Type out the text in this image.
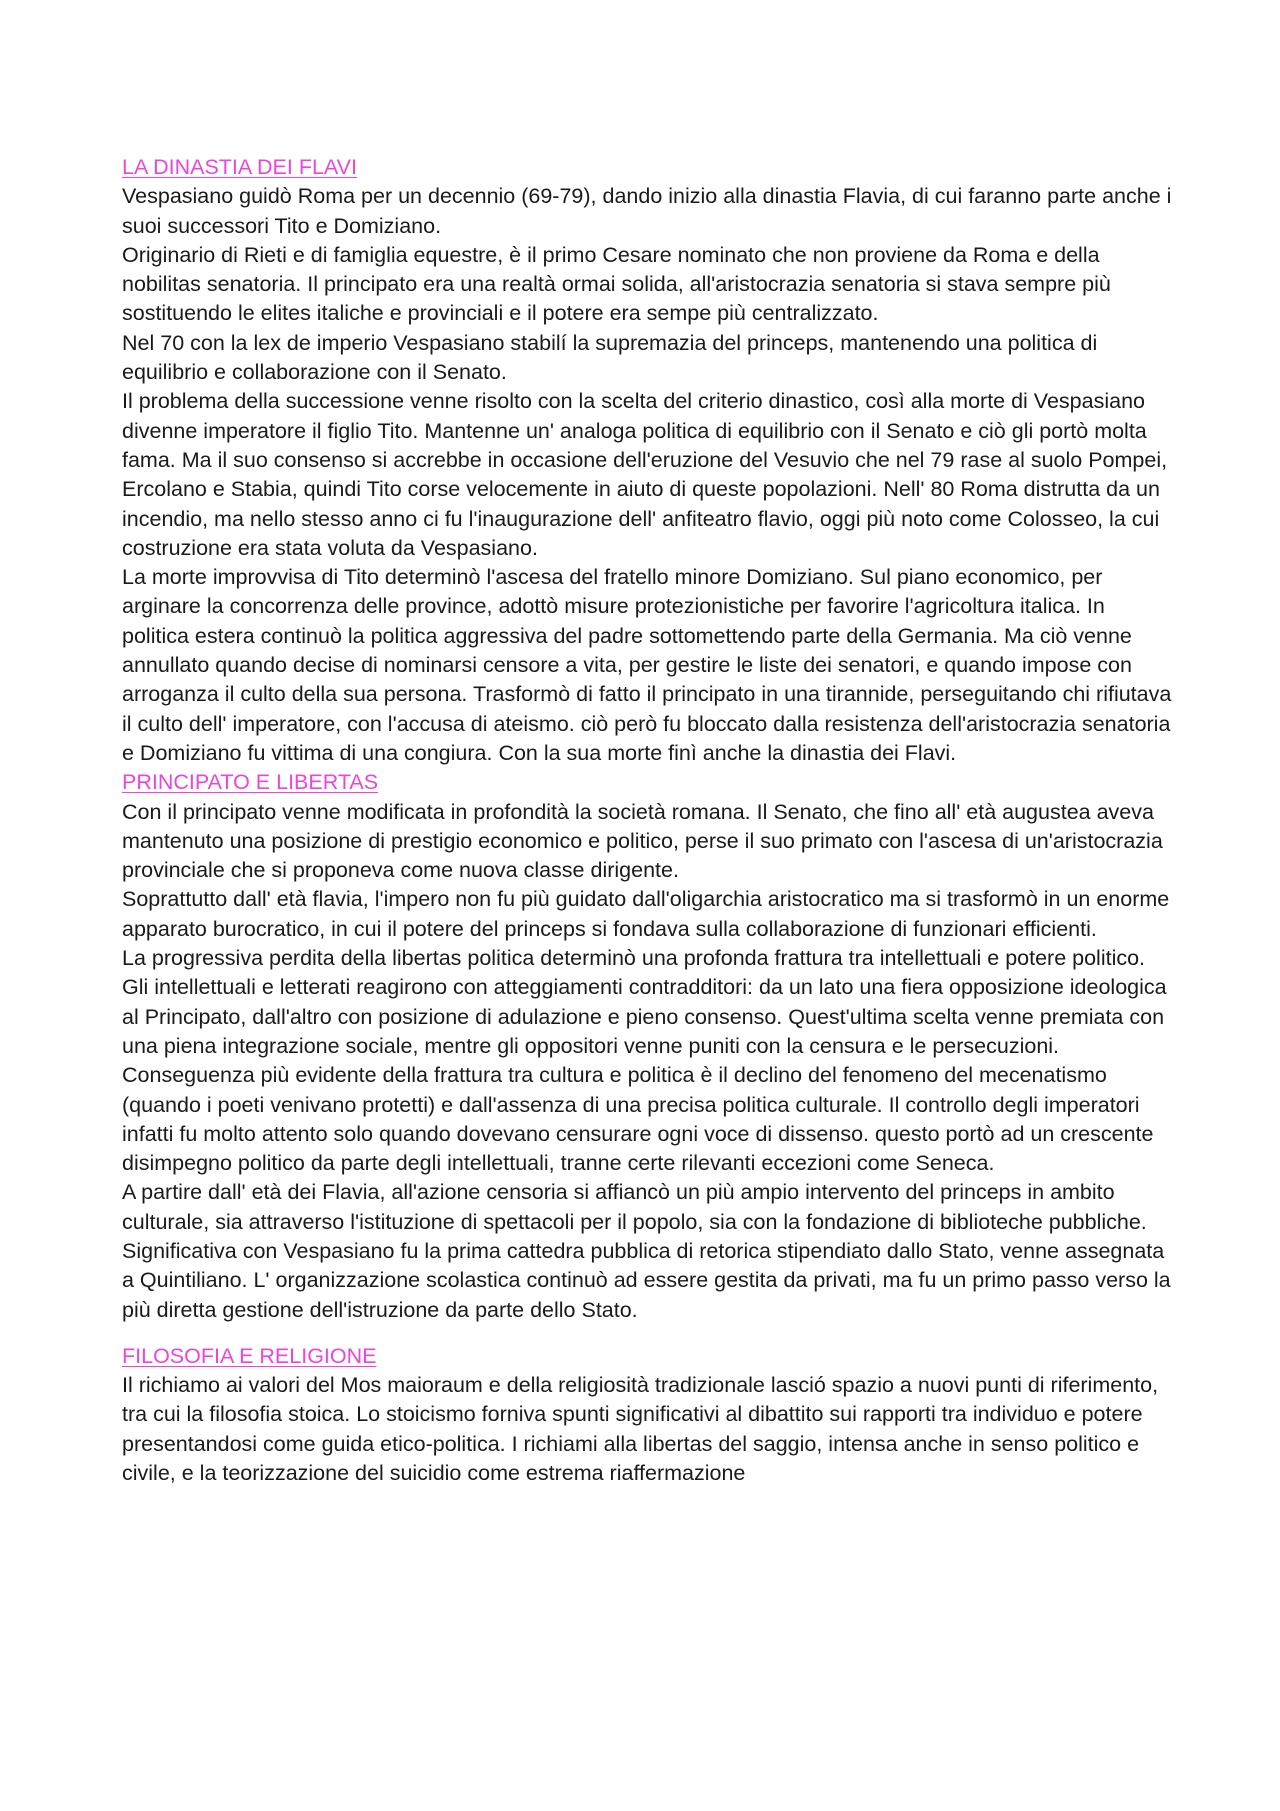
LA DINASTIA DEI FLAVI

Vespasiano guidò Roma per un decennio (69-79), dando inizio alla dinastia Flavia, di cui faranno parte anche i suoi successori Tito e Domiziano.

Originario di Rieti e di famiglia equestre, è il primo Cesare nominato che non proviene da Roma e della nobilitas senatoria. Il principato era una realtà ormai solida, all'aristocrazia senatoria si stava sempre più sostituendo le elites italiche e provinciali e il potere era sempe più centralizzato.

Nel 70 con la lex de imperio Vespasiano stabilí la supremazia del princeps, mantenendo una politica di equilibrio e collaborazione con il Senato.

Il problema della successione venne risolto con la scelta del criterio dinastico, così alla morte di Vespasiano divenne imperatore il figlio Tito. Mantenne un' analoga politica di equilibrio con il Senato e ciò gli portò molta fama. Ma il suo consenso si accrebbe in occasione dell'eruzione del Vesuvio che nel 79 rase al suolo Pompei, Ercolano e Stabia, quindi Tito corse velocemente in aiuto di queste popolazioni. Nell' 80 Roma distrutta da un incendio, ma nello stesso anno ci fu l'inaugurazione dell' anfiteatro flavio, oggi più noto come Colosseo, la cui costruzione era stata voluta da Vespasiano.

La morte improvvisa di Tito determinò l'ascesa del fratello minore Domiziano. Sul piano economico, per arginare la concorrenza delle province, adottò misure protezionistiche per favorire l'agricoltura italica. In politica estera continuò la politica aggressiva del padre sottomettendo parte della Germania. Ma ciò venne annullato quando decise di nominarsi censore a vita, per gestire le liste dei senatori, e quando impose con arroganza il culto della sua persona. Trasformò di fatto il principato in una tirannide, perseguitando chi rifiutava il culto dell' imperatore, con l'accusa di ateismo. ciò però fu bloccato dalla resistenza dell'aristocrazia senatoria e Domiziano fu vittima di una congiura. Con la sua morte finì anche la dinastia dei Flavi.

PRINCIPATO E LIBERTAS

Con il principato venne modificata in profondità la società romana. Il Senato, che fino all' età augustea aveva mantenuto una posizione di prestigio economico e politico, perse il suo primato con l'ascesa di un'aristocrazia provinciale che si proponeva come nuova classe dirigente.

Soprattutto dall' età flavia, l'impero non fu più guidato dall'oligarchia aristocratico ma si trasformò in un enorme apparato burocratico, in cui il potere del princeps si fondava sulla collaborazione di funzionari efficienti.

La progressiva perdita della libertas politica determinò una profonda frattura tra intellettuali e potere politico. Gli intellettuali e letterati reagirono con atteggiamenti contradditori: da un lato una fiera opposizione ideologica al Principato, dall'altro con posizione di adulazione e pieno consenso. Quest'ultima scelta venne premiata con una piena integrazione sociale, mentre gli oppositori venne puniti con la censura e le persecuzioni.

Conseguenza più evidente della frattura tra cultura e politica è il declino del fenomeno del mecenatismo (quando i poeti venivano protetti) e dall'assenza di una precisa politica culturale. Il controllo degli imperatori infatti fu molto attento solo quando dovevano censurare ogni voce di dissenso. questo portò ad un crescente disimpegno politico da parte degli intellettuali, tranne certe rilevanti eccezioni come Seneca.

A partire dall' età dei Flavia, all'azione censoria si affiancò un più ampio intervento del princeps in ambito culturale, sia attraverso l'istituzione di spettacoli per il popolo, sia con la fondazione di biblioteche pubbliche.

Significativa con Vespasiano fu la prima cattedra pubblica di retorica stipendiato dallo Stato, venne assegnata a Quintiliano. L' organizzazione scolastica continuò ad essere gestita da privati, ma fu un primo passo verso la più diretta gestione dell'istruzione da parte dello Stato.

FILOSOFIA E RELIGIONE

Il richiamo ai valori del Mos maioraum e della religiosità tradizionale lasció spazio a nuovi punti di riferimento, tra cui la filosofia stoica. Lo stoicismo forniva spunti significativi al dibattito sui rapporti tra individuo e potere presentandosi come guida etico-politica. I richiami alla libertas del saggio, intensa anche in senso politico e civile, e la teorizzazione del suicidio come estrema riaffermazione
